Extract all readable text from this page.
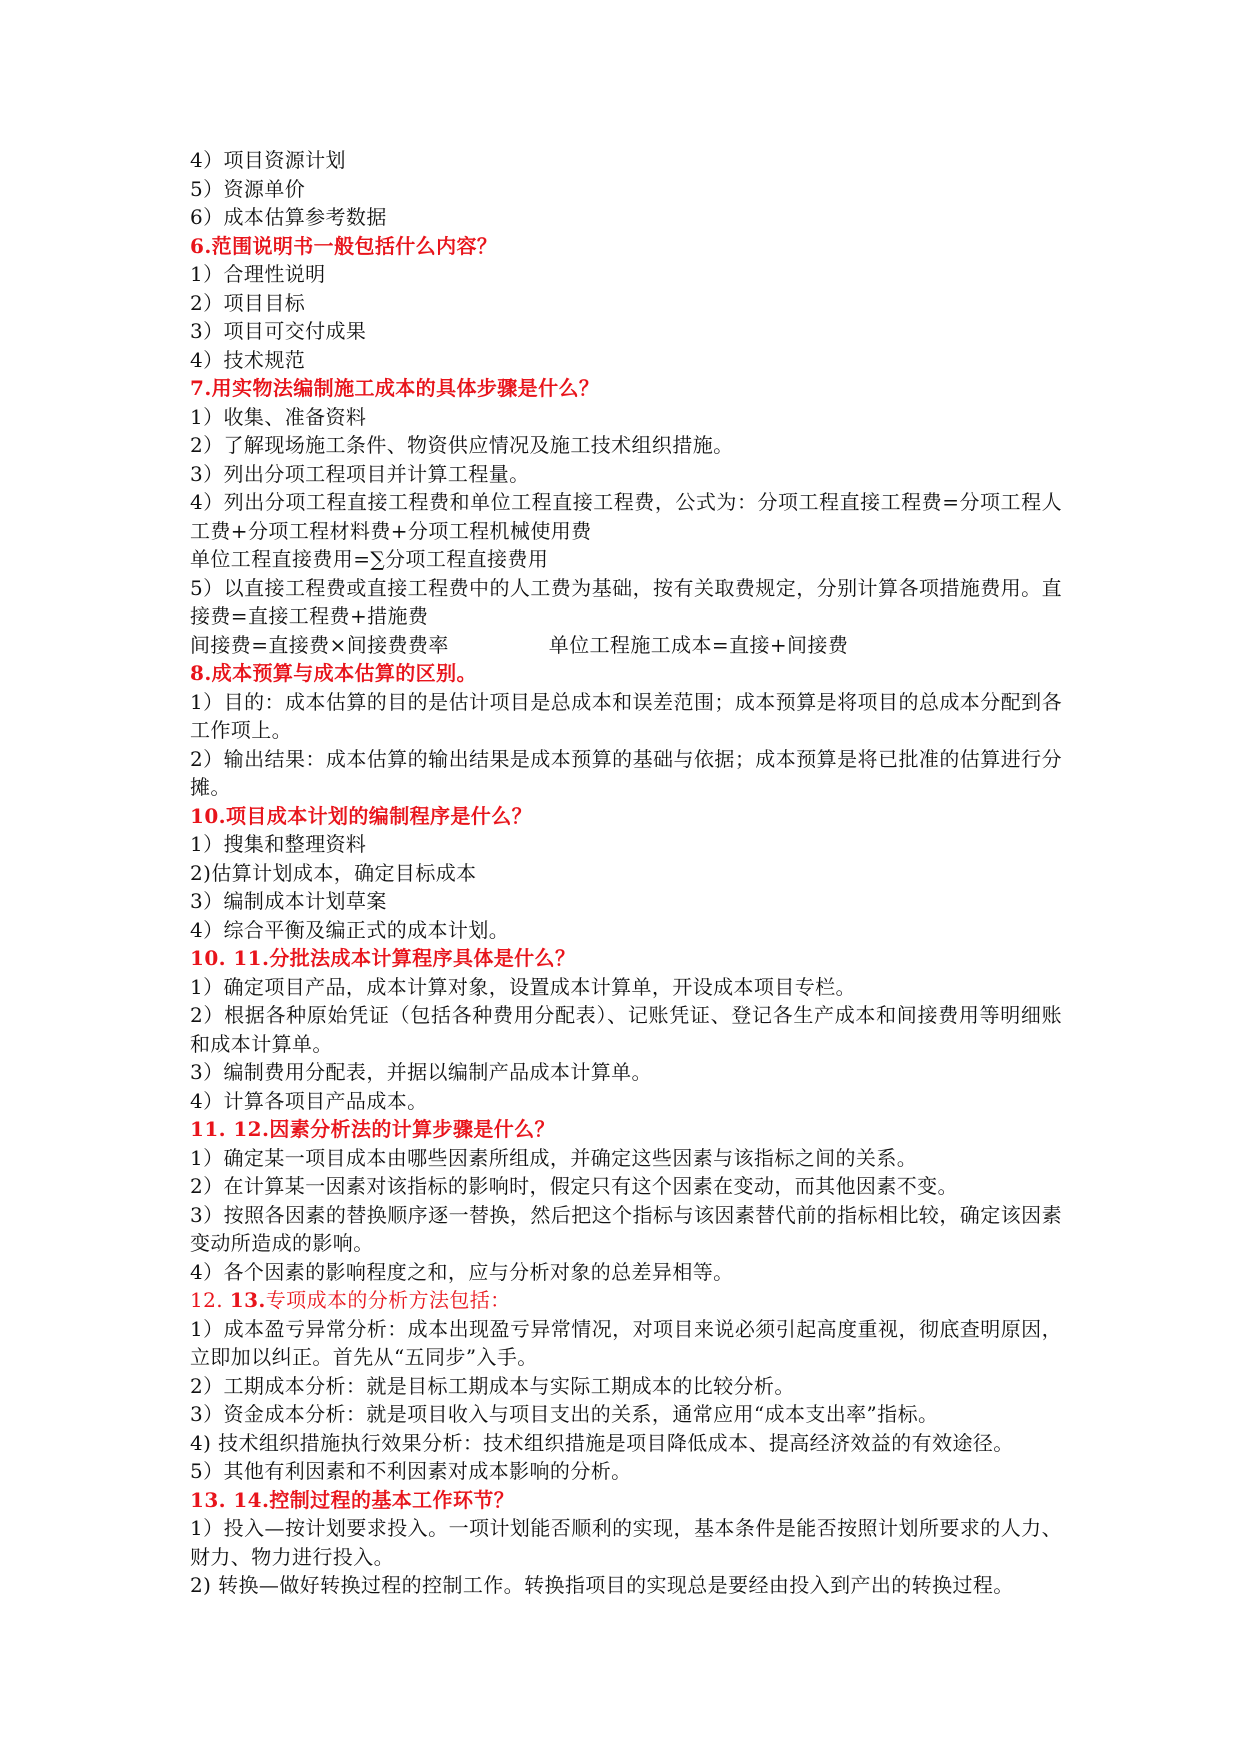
4）项目资源计划
5）资源单价
6）成本估算参考数据
6.范围说明书一般包括什么内容？
1）合理性说明
2）项目目标
3）项目可交付成果
4）技术规范
7.用实物法编制施工成本的具体步骤是什么？
1）收集、准备资料
2）了解现场施工条件、物资供应情况及施工技术组织措施。
3）列出分项工程项目并计算工程量。
4）列出分项工程直接工程费和单位工程直接工程费，公式为：分项工程直接工程费=分项工程人工费+分项工程材料费+分项工程机械使用费
单位工程直接费用=∑分项工程直接费用
5）以直接工程费或直接工程费中的人工费为基础，按有关取费规定，分别计算各项措施费用。直接费=直接工程费+措施费
间接费=直接费×间接费费率	单位工程施工成本=直接+间接费
8.成本预算与成本估算的区别。
1）目的：成本估算的目的是估计项目是总成本和误差范围；成本预算是将项目的总成本分配到各工作项上。
2）输出结果：成本估算的输出结果是成本预算的基础与依据；成本预算是将已批准的估算进行分摊。
10.项目成本计划的编制程序是什么？
1）搜集和整理资料
2)估算计划成本，确定目标成本
3）编制成本计划草案
4）综合平衡及编正式的成本计划。
10. 11.分批法成本计算程序具体是什么？
1）确定项目产品，成本计算对象，设置成本计算单，开设成本项目专栏。
2）根据各种原始凭证（包括各种费用分配表）、记账凭证、登记各生产成本和间接费用等明细账和成本计算单。
3）编制费用分配表，并据以编制产品成本计算单。
4）计算各项目产品成本。
11. 12.因素分析法的计算步骤是什么？
1）确定某一项目成本由哪些因素所组成，并确定这些因素与该指标之间的关系。
2）在计算某一因素对该指标的影响时，假定只有这个因素在变动，而其他因素不变。
3）按照各因素的替换顺序逐一替换，然后把这个指标与该因素替代前的指标相比较，确定该因素变动所造成的影响。
4）各个因素的影响程度之和，应与分析对象的总差异相等。
12. 13.专项成本的分析方法包括：
1）成本盈亏异常分析：成本出现盈亏异常情况，对项目来说必须引起高度重视，彻底查明原因，立即加以纠正。首先从“五同步”入手。
2）工期成本分析：就是目标工期成本与实际工期成本的比较分析。
3）资金成本分析：就是项目收入与项目支出的关系，通常应用“成本支出率”指标。
4) 技术组织措施执行效果分析：技术组织措施是项目降低成本、提高经济效益的有效途径。
5）其他有利因素和不利因素对成本影响的分析。
13. 14.控制过程的基本工作环节？
1）投入—按计划要求投入。一项计划能否顺利的实现，基本条件是能否按照计划所要求的人力、财力、物力进行投入。
2) 转换—做好转换过程的控制工作。转换指项目的实现总是要经由投入到产出的转换过程。
